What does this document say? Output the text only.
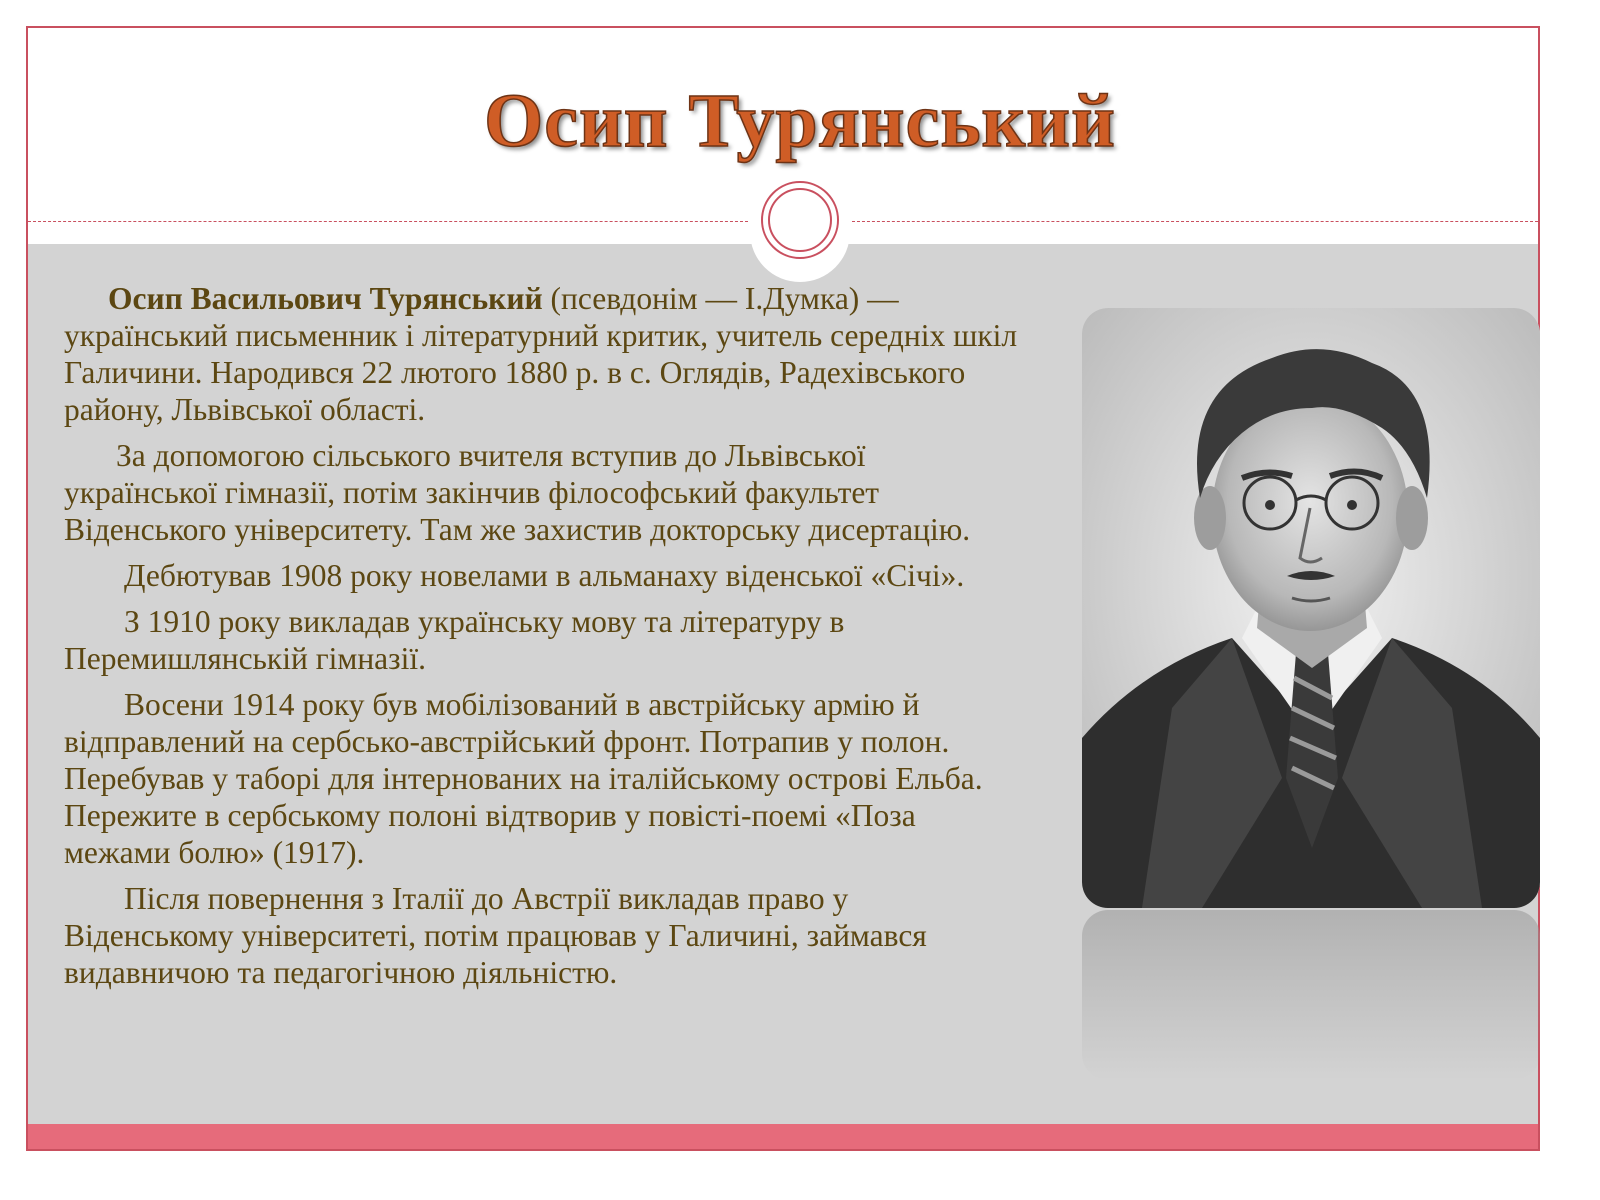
Осип Турянський

Осип Васильович Турянський (псевдонім — І.Думка) — український письменник і літературний критик, учитель середніх шкіл Галичини. Народився 22 лютого 1880 р. в с. Оглядів, Радехівського району, Львівської області.

За допомогою сільського вчителя вступив до Львівської української гімназії, потім закінчив філософський факультет Віденського університету. Там же захистив докторську дисертацію.

Дебютував 1908 року новелами в альманаху віденської «Січі».

З 1910 року викладав українську мову та літературу в Перемишлянській гімназії.

Восени 1914 року був мобілізований в австрійську армію й відправлений на сербсько-австрійський фронт. Потрапив у полон. Перебував у таборі для інтернованих на італійському острові Ельба. Пережите в сербському полоні відтворив у повісті-поемі «Поза межами болю» (1917).

Після повернення з Італії до Австрії викладав право у Віденському університеті, потім працював у Галичині, займався видавничою та педагогічною діяльністю.
